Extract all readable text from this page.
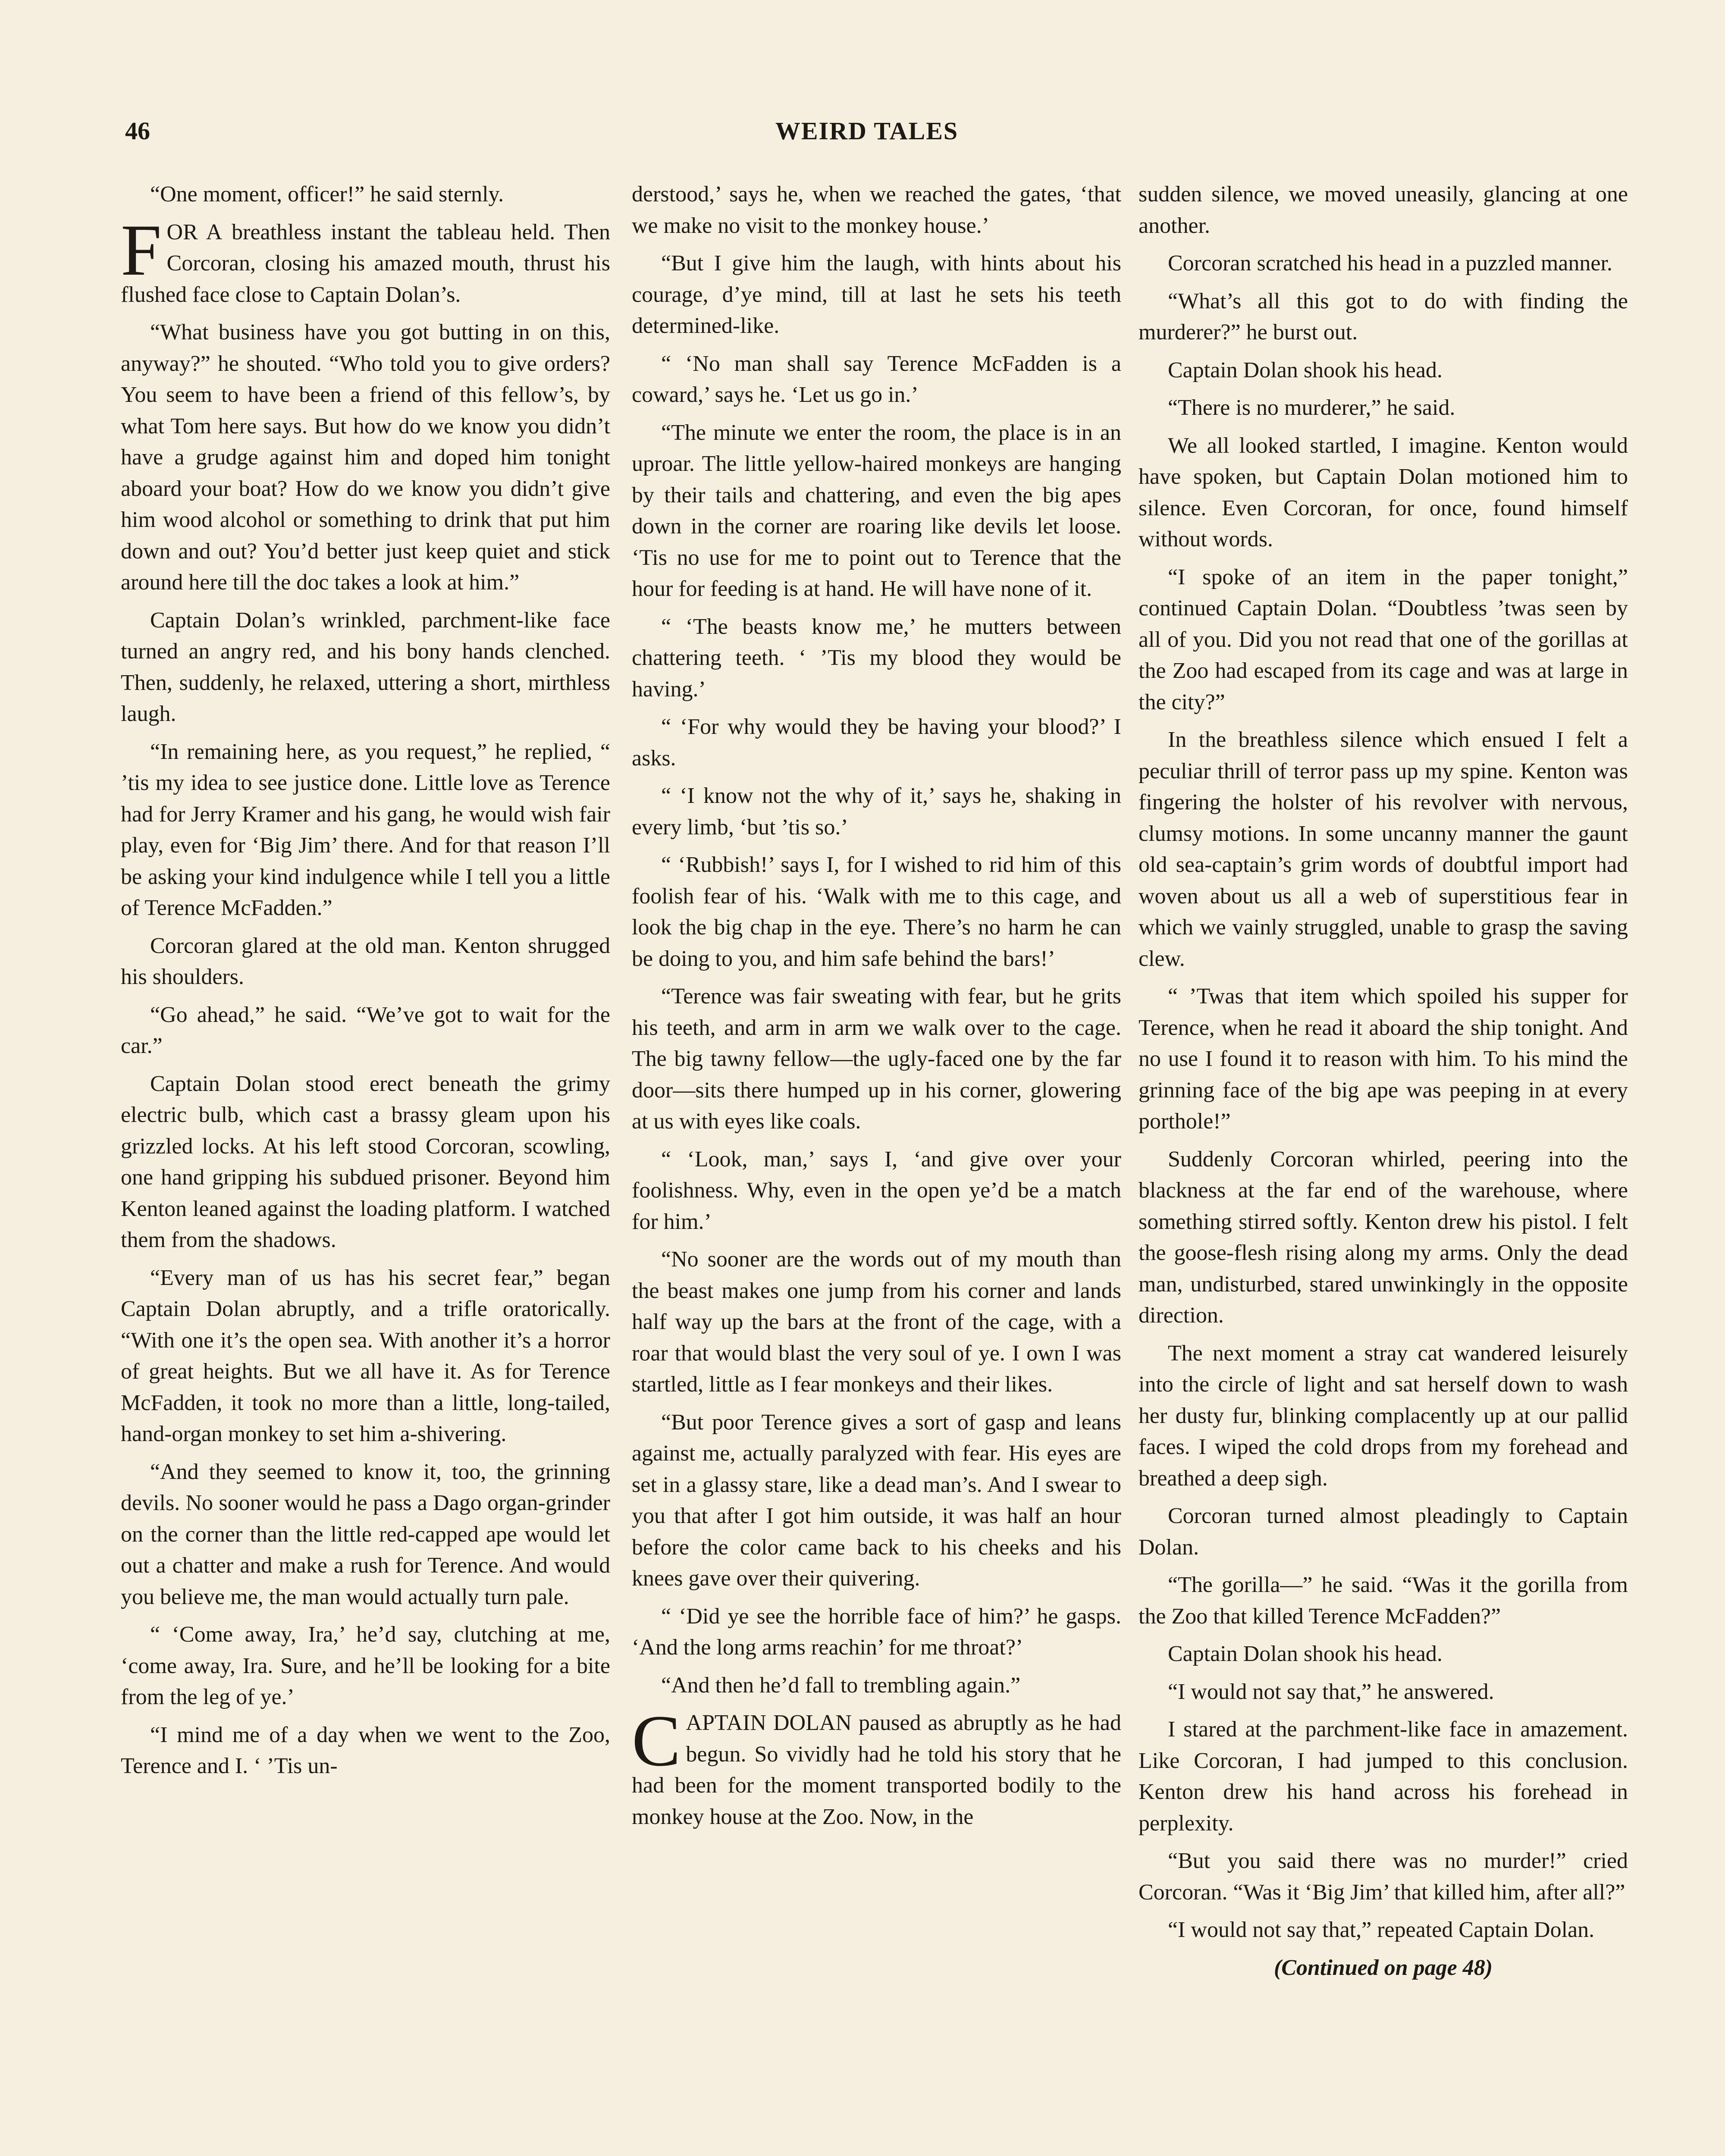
46	WEIRD TALES

“One moment, officer!” he said sternly.

FOR A breathless instant the tableau held. Then Corcoran, closing his amazed mouth, thrust his flushed face close to Captain Dolan’s.

“What business have you got butting in on this, anyway?” he shouted. “Who told you to give orders? You seem to have been a friend of this fellow’s, by what Tom here says. But how do we know you didn’t have a grudge against him and doped him tonight aboard your boat? How do we know you didn’t give him wood alcohol or something to drink that put him down and out? You’d better just keep quiet and stick around here till the doc takes a look at him.”

Captain Dolan’s wrinkled, parchment-like face turned an angry red, and his bony hands clenched. Then, suddenly, he relaxed, uttering a short, mirthless laugh.

“In remaining here, as you request,” he replied, “ ’tis my idea to see justice done. Little love as Terence had for Jerry Kramer and his gang, he would wish fair play, even for ‘Big Jim’ there. And for that reason I’ll be asking your kind indulgence while I tell you a little of Terence McFadden.”

Corcoran glared at the old man. Kenton shrugged his shoulders.

“Go ahead,” he said. “We’ve got to wait for the car.”

Captain Dolan stood erect beneath the grimy electric bulb, which cast a brassy gleam upon his grizzled locks. At his left stood Corcoran, scowling, one hand gripping his subdued prisoner. Beyond him Kenton leaned against the loading platform. I watched them from the shadows.

“Every man of us has his secret fear,” began Captain Dolan abruptly, and a trifle oratorically. “With one it’s the open sea. With another it’s a horror of great heights. But we all have it. As for Terence McFadden, it took no more than a little, long-tailed, hand-organ monkey to set him a-shivering.

“And they seemed to know it, too, the grinning devils. No sooner would he pass a Dago organ-grinder on the corner than the little red-capped ape would let out a chatter and make a rush for Terence. And would you believe me, the man would actually turn pale.

“ ‘Come away, Ira,’ he’d say, clutching at me, ‘come away, Ira. Sure, and he’ll be looking for a bite from the leg of ye.’

“I mind me of a day when we went to the Zoo, Terence and I. ‘ ’Tis un-

derstood,’ says he, when we reached the gates, ‘that we make no visit to the monkey house.’

“But I give him the laugh, with hints about his courage, d’ye mind, till at last he sets his teeth determined-like.

“ ‘No man shall say Terence McFadden is a coward,’ says he. ‘Let us go in.’

“The minute we enter the room, the place is in an uproar. The little yellow-haired monkeys are hanging by their tails and chattering, and even the big apes down in the corner are roaring like devils let loose. ‘Tis no use for me to point out to Terence that the hour for feeding is at hand. He will have none of it.

“ ‘The beasts know me,’ he mutters between chattering teeth. ‘ ’Tis my blood they would be having.’

“ ‘For why would they be having your blood?’ I asks.

“ ‘I know not the why of it,’ says he, shaking in every limb, ‘but ’tis so.’

“ ‘Rubbish!’ says I, for I wished to rid him of this foolish fear of his. ‘Walk with me to this cage, and look the big chap in the eye. There’s no harm he can be doing to you, and him safe behind the bars!’

“Terence was fair sweating with fear, but he grits his teeth, and arm in arm we walk over to the cage. The big tawny fellow—the ugly-faced one by the far door—sits there humped up in his corner, glowering at us with eyes like coals.

“ ‘Look, man,’ says I, ‘and give over your foolishness. Why, even in the open ye’d be a match for him.’

“No sooner are the words out of my mouth than the beast makes one jump from his corner and lands half way up the bars at the front of the cage, with a roar that would blast the very soul of ye. I own I was startled, little as I fear monkeys and their likes.

“But poor Terence gives a sort of gasp and leans against me, actually paralyzed with fear. His eyes are set in a glassy stare, like a dead man’s. And I swear to you that after I got him outside, it was half an hour before the color came back to his cheeks and his knees gave over their quivering.

“ ‘Did ye see the horrible face of him?’ he gasps. ‘And the long arms reachin’ for me throat?’

“And then he’d fall to trembling again.”

CAPTAIN DOLAN paused as abruptly as he had begun. So vividly had he told his story that he had been for the moment transported bodily to the monkey house at the Zoo. Now, in the

sudden silence, we moved uneasily, glancing at one another.

Corcoran scratched his head in a puzzled manner.

“What’s all this got to do with finding the murderer?” he burst out.

Captain Dolan shook his head.

“There is no murderer,” he said.

We all looked startled, I imagine. Kenton would have spoken, but Captain Dolan motioned him to silence. Even Corcoran, for once, found himself without words.

“I spoke of an item in the paper tonight,” continued Captain Dolan. “Doubtless ’twas seen by all of you. Did you not read that one of the gorillas at the Zoo had escaped from its cage and was at large in the city?”

In the breathless silence which ensued I felt a peculiar thrill of terror pass up my spine. Kenton was fingering the holster of his revolver with nervous, clumsy motions. In some uncanny manner the gaunt old sea-captain’s grim words of doubtful import had woven about us all a web of superstitious fear in which we vainly struggled, unable to grasp the saving clew.

“ ’Twas that item which spoiled his supper for Terence, when he read it aboard the ship tonight. And no use I found it to reason with him. To his mind the grinning face of the big ape was peeping in at every porthole!”

Suddenly Corcoran whirled, peering into the blackness at the far end of the warehouse, where something stirred softly. Kenton drew his pistol. I felt the goose-flesh rising along my arms. Only the dead man, undisturbed, stared unwinkingly in the opposite direction.

The next moment a stray cat wandered leisurely into the circle of light and sat herself down to wash her dusty fur, blinking complacently up at our pallid faces. I wiped the cold drops from my forehead and breathed a deep sigh.

Corcoran turned almost pleadingly to Captain Dolan.

“The gorilla—” he said. “Was it the gorilla from the Zoo that killed Terence McFadden?”

Captain Dolan shook his head.

“I would not say that,” he answered.

I stared at the parchment-like face in amazement. Like Corcoran, I had jumped to this conclusion. Kenton drew his hand across his forehead in perplexity.

“But you said there was no murder!” cried Corcoran. “Was it ‘Big Jim’ that killed him, after all?”

“I would not say that,” repeated Captain Dolan.

(Continued on page 48)
